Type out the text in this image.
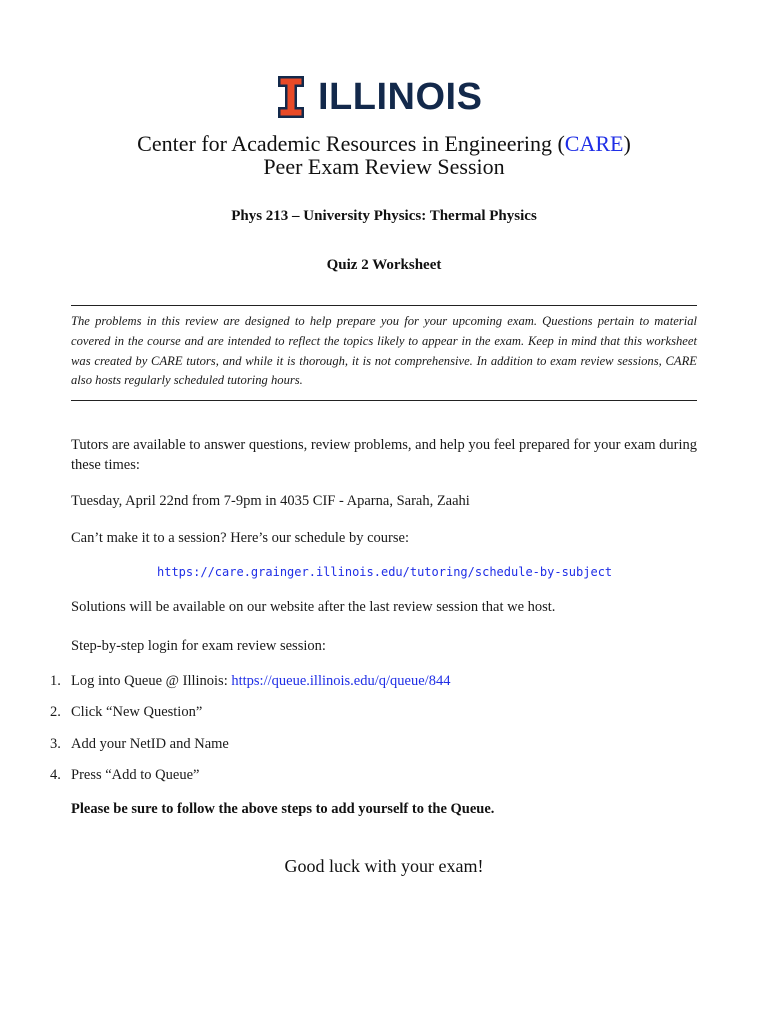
ILLINOIS
Center for Academic Resources in Engineering (CARE)
Peer Exam Review Session
Phys 213 – University Physics: Thermal Physics
Quiz 2 Worksheet
The problems in this review are designed to help prepare you for your upcoming exam. Questions pertain to material covered in the course and are intended to reflect the topics likely to appear in the exam. Keep in mind that this worksheet was created by CARE tutors, and while it is thorough, it is not comprehensive. In addition to exam review sessions, CARE also hosts regularly scheduled tutoring hours.
Tutors are available to answer questions, review problems, and help you feel prepared for your exam during these times:
Tuesday, April 22nd from 7-9pm in 4035 CIF - Aparna, Sarah, Zaahi
Can’t make it to a session? Here’s our schedule by course:
https://care.grainger.illinois.edu/tutoring/schedule-by-subject
Solutions will be available on our website after the last review session that we host.
Step-by-step login for exam review session:
1. Log into Queue @ Illinois: https://queue.illinois.edu/q/queue/844
2. Click “New Question”
3. Add your NetID and Name
4. Press “Add to Queue”
Please be sure to follow the above steps to add yourself to the Queue.
Good luck with your exam!
